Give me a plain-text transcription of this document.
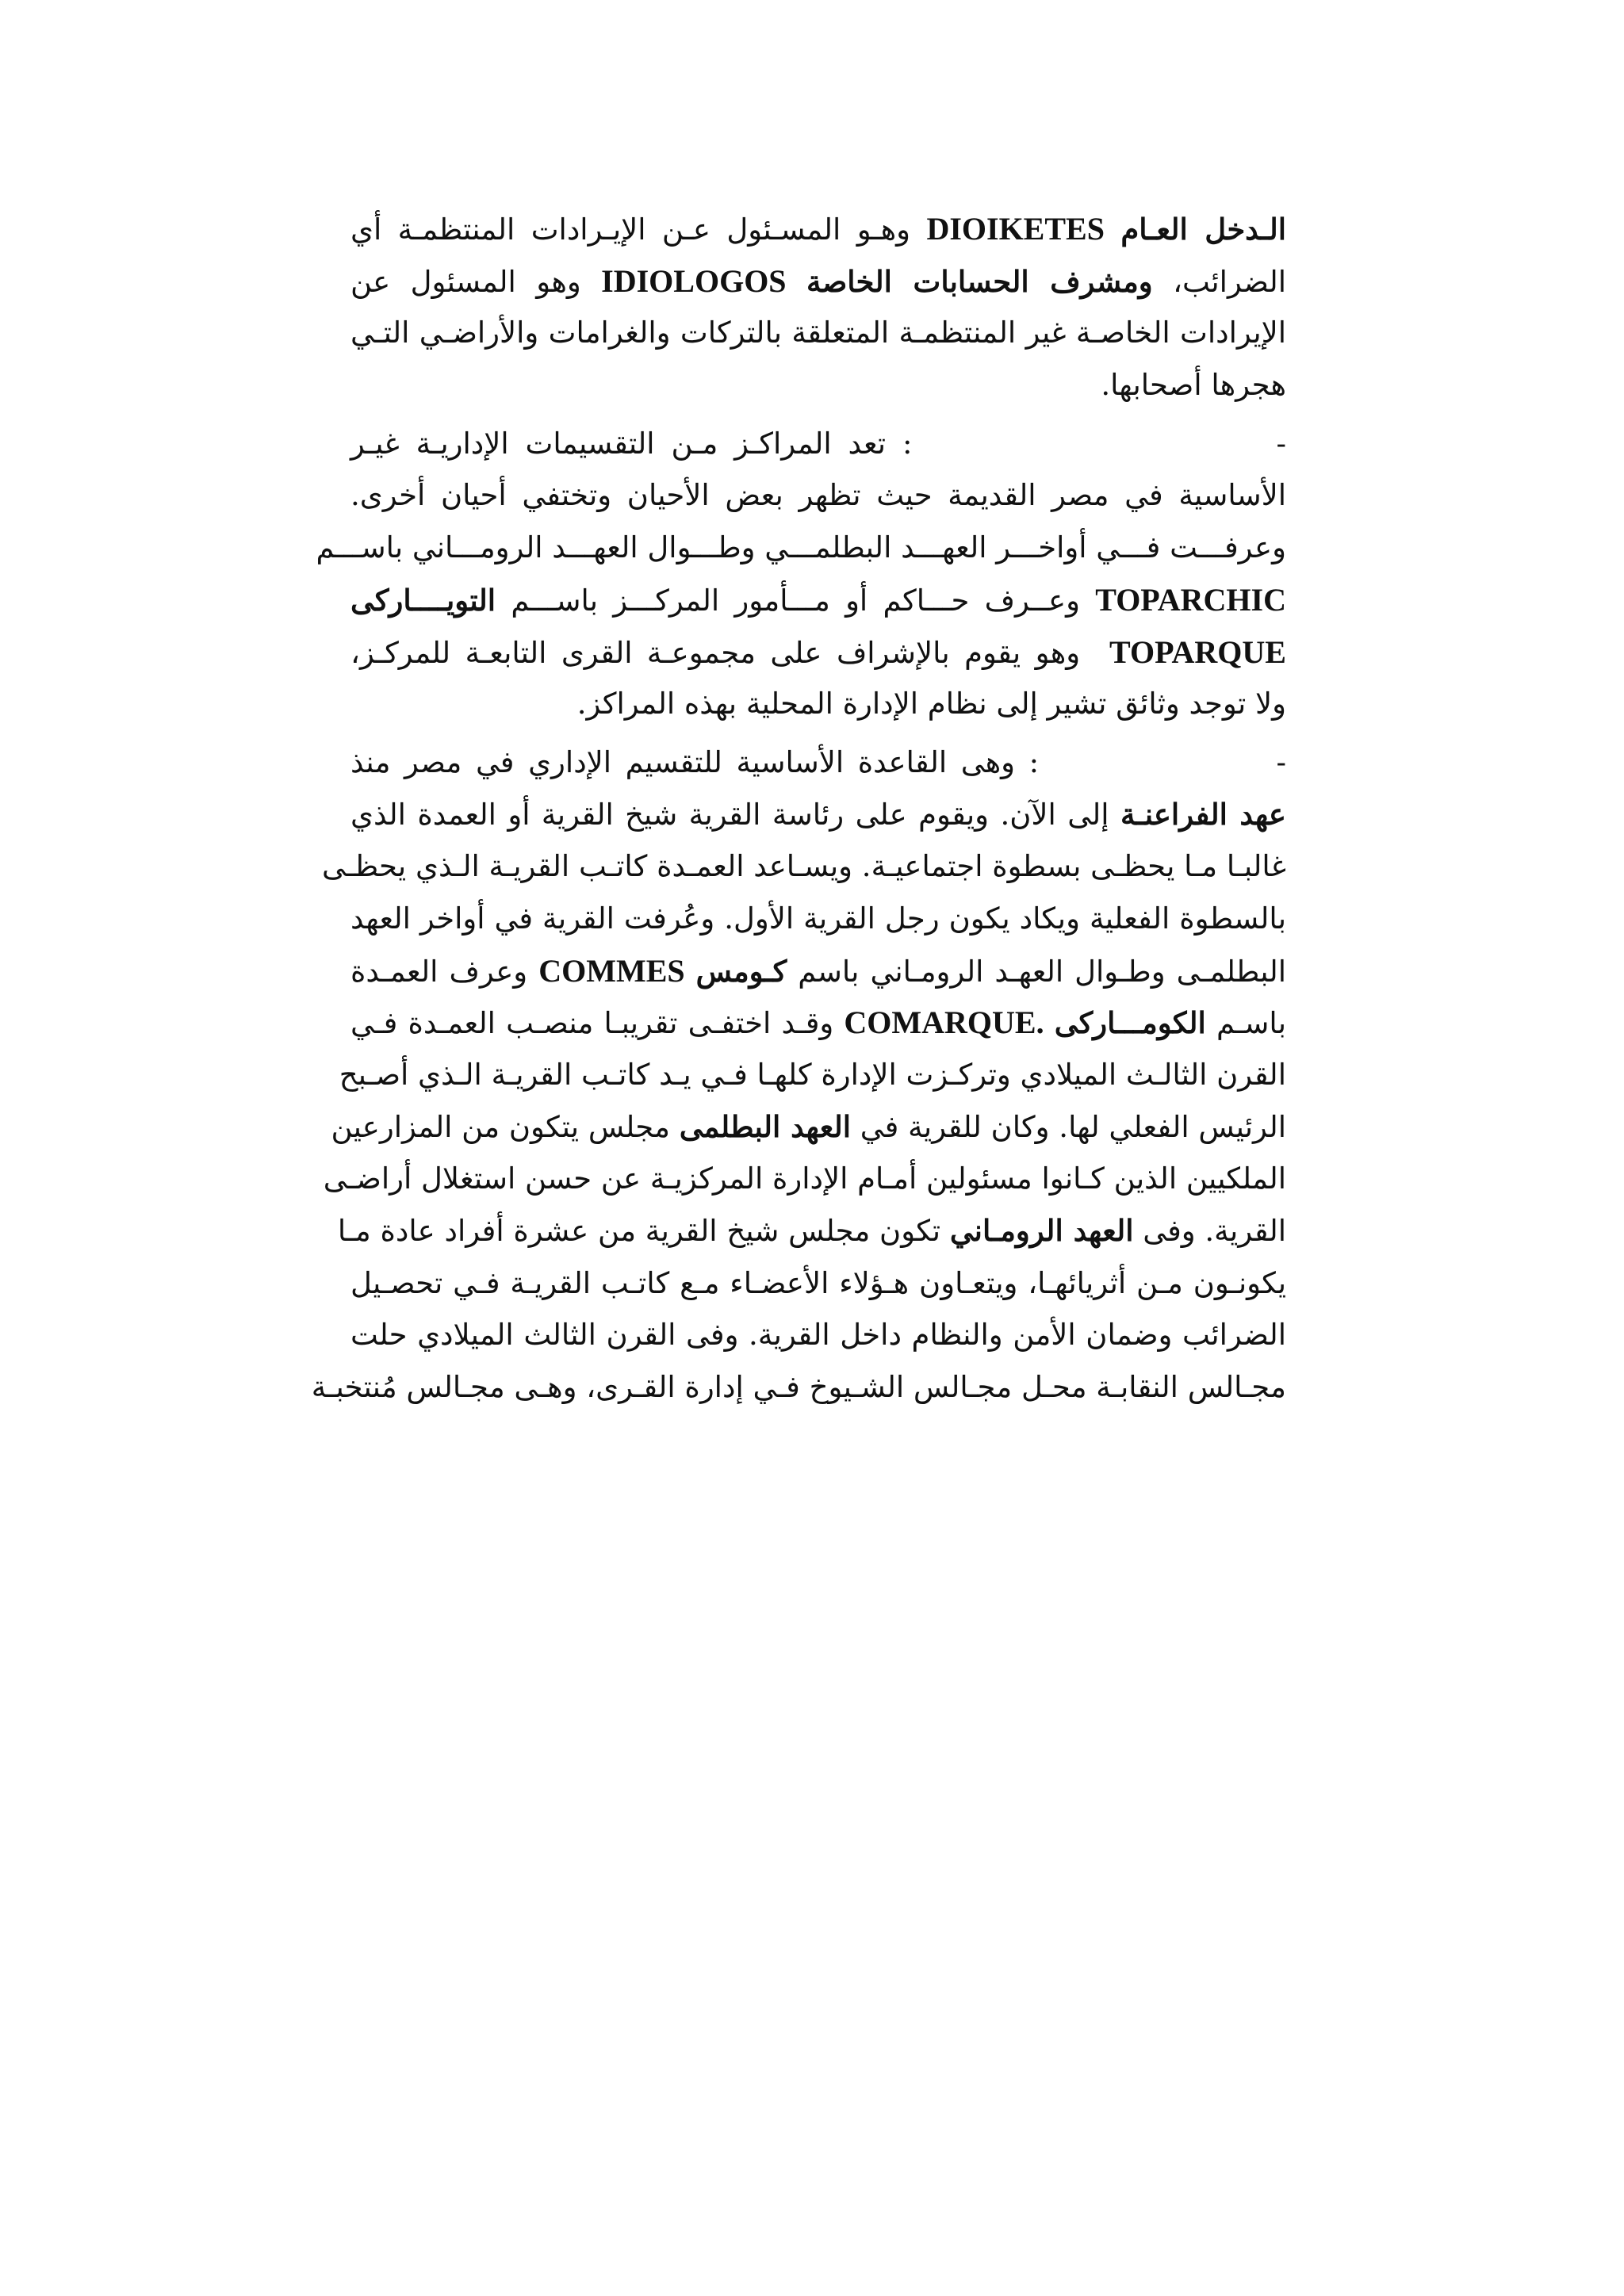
الـدخل العـام DIOIKETES وهـو المسـئول عـن الإيـرادات المنتظمـة أي
الضرائب، ومشرف الحسابات الخاصة IDIOLOGOS وهو المسئول عن
الإيرادات الخاصـة غير المنتظمـة المتعلقة بالتركات والغرامات والأراضـي التـي
هجرها أصحابها.
-                      : تعد المراكـز مـن التقسيمات الإداريـة غيـر
الأساسية في مصر القديمة حيث تظهر بعض الأحيان وتختفي أحيان أخرى.
وعرفـــت فـــي أواخـــر العهـــد البطلمـــي وطـــوال العهـــد الرومـــاني باســـم
TOPARCHIC وعــرف حـــاكم أو مـــأمور المركـــز باســـم التويــــاركى
TOPARQUE  وهو يقوم بالإشراف على مجموعـة القرى التابعـة للمركـز،
ولا توجد وثائق تشير إلى نظام الإدارة المحلية بهذه المراكز.
-                 : وهى القاعدة الأساسية للتقسيم الإداري في مصر منذ
عهد الفراعنـة إلى الآن. ويقوم على رئاسة القرية شيخ القرية أو العمدة الذي
غالبـا مـا يحظـى بسطوة اجتماعيـة. ويسـاعد العمـدة كاتـب القريـة الـذي يحظـى
بالسطوة الفعلية ويكاد يكون رجل القرية الأول. وعُرفت القرية في أواخر العهد
البطلمـى وطـوال العهـد الرومـاني باسم كـومس COMMES وعرف العمـدة
باسـم الكومـــاركى COMARQUE. وقـد اختفـى تقريبـا منصـب العمـدة فـي
القرن الثالـث الميلادي وتركـزت الإدارة كلهـا فـي يـد كاتـب القريـة الـذي أصـبح
الرئيس الفعلي لها. وكان للقرية في العهد البطلمى مجلس يتكون من المزارعين
الملكيين الذين كـانوا مسئولين أمـام الإدارة المركزيـة عن حسن استغلال أراضـى
القرية. وفى العهد الرومـاني تكون مجلس شيخ القرية من عشرة أفراد عادة مـا
يكونـون مـن أثريائهـا، ويتعـاون هـؤلاء الأعضـاء مـع كاتـب القريـة فـي تحصـيل
الضرائب وضمان الأمن والنظام داخل القرية. وفى القرن الثالث الميلادي حلت
مجـالس النقابـة محـل مجـالس الشـيوخ فـي إدارة القـرى، وهـى مجـالس مُنتخبـة
